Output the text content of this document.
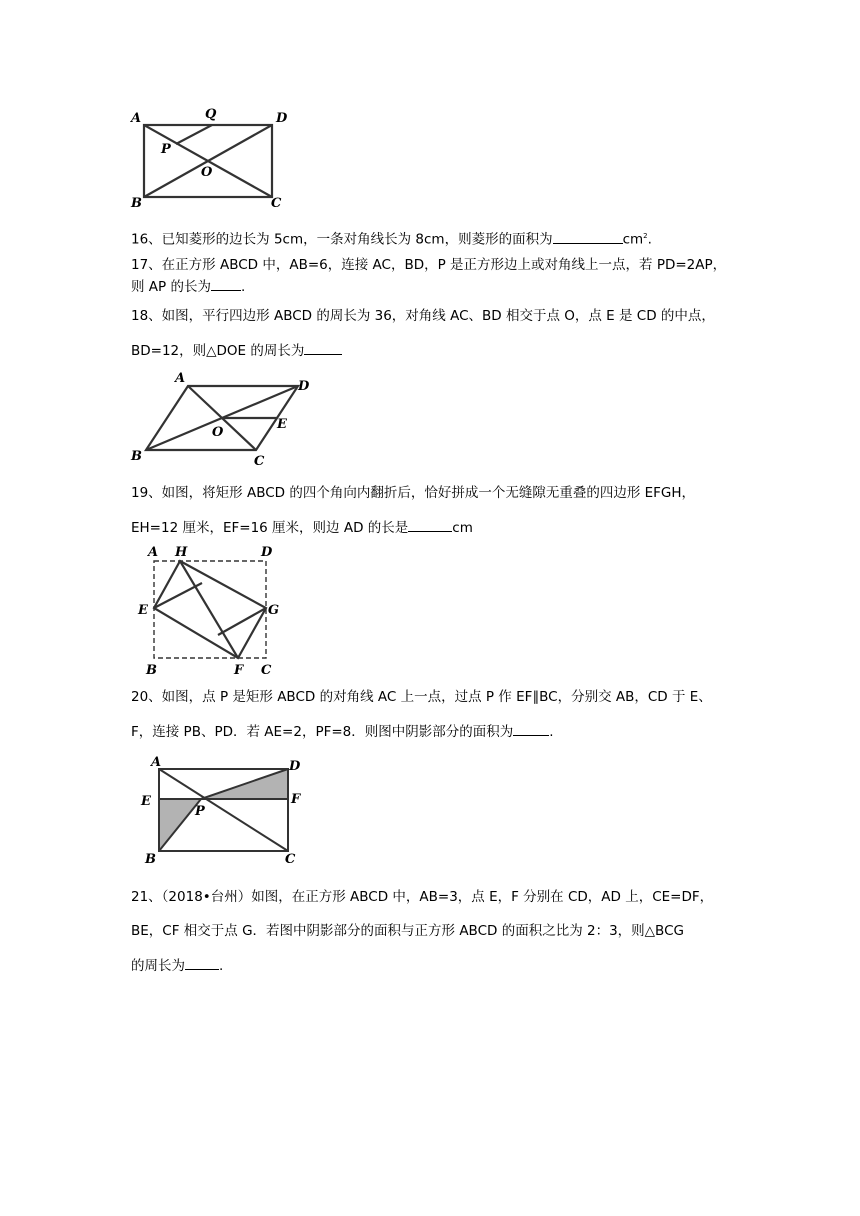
A	Q	D
P
O
B	C
16、已知菱形的边长为 5cm，一条对角线长为 8cm，则菱形的面积为	$cm^2$.
17、在正方形 ABCD 中，AB=6，连接 AC，BD，P 是正方形边上或对角线上一点，若 PD=2AP，
则 AP 的长为 .
18、如图，平行四边形 ABCD 的周长为 36，对角线 AC、BD 相交于点 O，点 E 是 CD 的中点，
BD=12，则△DOE 的周长为
A
D
O
E
B	C
19、如图，将矩形 ABCD 的四个角向内翻折后，恰好拼成一个无缝隙无重叠的四边形 EFGH，
EH=12 厘米，EF=16 厘米，则边 AD 的长是	cm
A H	D
E	G
B	F C
20、如图，点 P 是矩形 ABCD 的对角线 AC 上一点，过点 P 作 EF∥BC，分别交 AB，CD 于 E、
F，连接 PB、PD．若 AE=2，PF=8．则图中阴影部分的面积为	.
A	D
E	F
P
B	C
21、（2018•台州）如图，在正方形 ABCD 中，AB=3，点 E，F 分别在 CD，AD 上，CE=DF，
BE，CF 相交于点 G．若图中阴影部分的面积与正方形 ABCD 的面积之比为 2：3，则△BCG
的周长为	.
